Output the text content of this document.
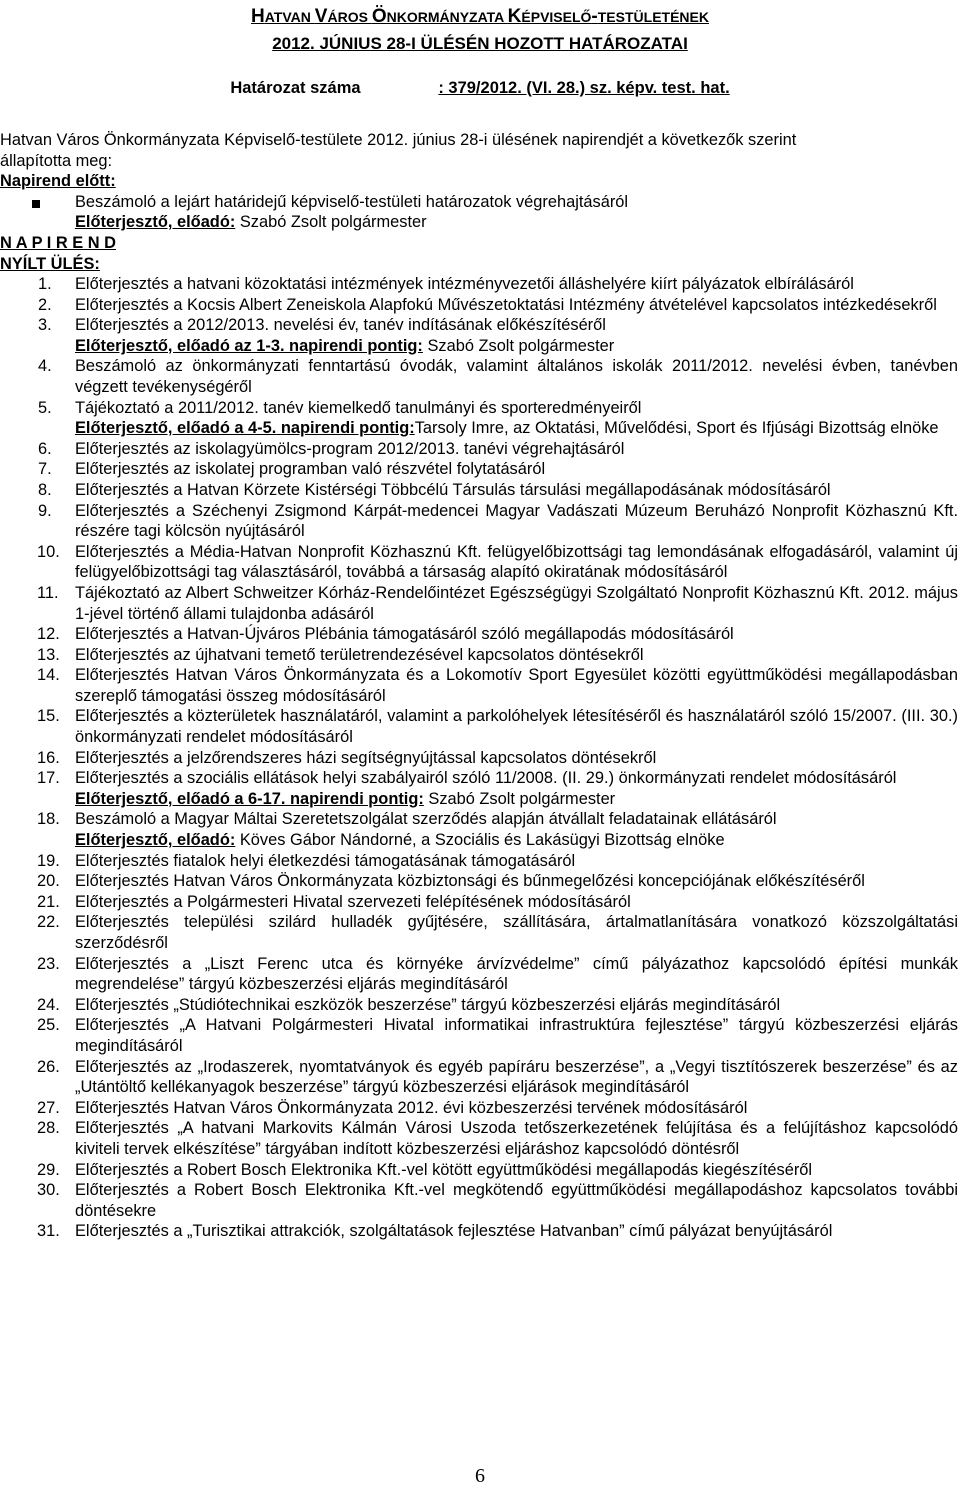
HATVAN VÁROS ÖNKORMÁNYZATA KÉPVISELŐ-TESTÜLETÉNEK
2012. JÚNIUS 28-I ÜLÉSÉN HOZOTT HATÁROZATAI
Határozat száma	: 379/2012. (VI. 28.) sz. képv. test. hat.
Hatvan Város Önkormányzata Képviselő-testülete 2012. június 28-i ülésének napirendjét a következők szerint
állapította meg:
Napirend előtt:
Beszámoló a lejárt határidejű képviselő-testületi határozatok végrehajtásáról
Előterjesztő, előadó: Szabó Zsolt polgármester
N A P I R E N D
NYÍLT ÜLÉS:
1. Előterjesztés a hatvani közoktatási intézmények intézményvezetői álláshelyére kiírt pályázatok elbírálásáról
2. Előterjesztés a Kocsis Albert Zeneiskola Alapfokú Művészetoktatási Intézmény átvételével kapcsolatos intézkedésekről
3. Előterjesztés a 2012/2013. nevelési év, tanév indításának előkészítéséről
Előterjesztő, előadó az 1-3. napirendi pontig: Szabó Zsolt polgármester
4. Beszámoló az önkormányzati fenntartású óvodák, valamint általános iskolák 2011/2012. nevelési évben, tanévben végzett tevékenységéről
5. Tájékoztató a 2011/2012. tanév kiemelkedő tanulmányi és sporteredményeiről
Előterjesztő, előadó a 4-5. napirendi pontig:Tarsoly Imre, az Oktatási, Művelődési, Sport és Ifjúsági Bizottság elnöke
6. Előterjesztés az iskolagyümölcs-program 2012/2013. tanévi végrehajtásáról
7. Előterjesztés az iskolatej programban való részvétel folytatásáról
8. Előterjesztés a Hatvan Körzete Kistérségi Többcélú Társulás társulási megállapodásának módosításáról
9. Előterjesztés a Széchenyi Zsigmond Kárpát-medencei Magyar Vadászati Múzeum Beruházó Nonprofit Közhasznú Kft. részére tagi kölcsön nyújtásáról
10. Előterjesztés a Média-Hatvan Nonprofit Közhasznú Kft. felügyelőbizottsági tag lemondásának elfogadásáról, valamint új felügyelőbizottsági tag választásáról, továbbá a társaság alapító okiratának módosításáról
11. Tájékoztató az Albert Schweitzer Kórház-Rendelőintézet Egészségügyi Szolgáltató Nonprofit Közhasznú Kft. 2012. május 1-jével történő állami tulajdonba adásáról
12. Előterjesztés a Hatvan-Újváros Plébánia támogatásáról szóló megállapodás módosításáról
13. Előterjesztés az újhatvani temető területrendezésével kapcsolatos döntésekről
14. Előterjesztés Hatvan Város Önkormányzata és a Lokomotív Sport Egyesület közötti együttműködési megállapodásban szereplő támogatási összeg módosításáról
15. Előterjesztés a közterületek használatáról, valamint a parkolóhelyek létesítéséről és használatáról szóló 15/2007. (III. 30.) önkormányzati rendelet módosításáról
16. Előterjesztés a jelzőrendszeres házi segítségnyújtással kapcsolatos döntésekről
17. Előterjesztés a szociális ellátások helyi szabályairól szóló 11/2008. (II. 29.) önkormányzati rendelet módosításáról
Előterjesztő, előadó a 6-17. napirendi pontig: Szabó Zsolt polgármester
18. Beszámoló a Magyar Máltai Szeretetszolgálat szerződés alapján átvállalt feladatainak ellátásáról
Előterjesztő, előadó: Köves Gábor Nándorné, a Szociális és Lakásügyi Bizottság elnöke
19. Előterjesztés fiatalok helyi életkezdési támogatásának támogatásáról
20. Előterjesztés Hatvan Város Önkormányzata közbiztonsági és bűnmegelőzési koncepciójának előkészítéséről
21. Előterjesztés a Polgármesteri Hivatal szervezeti felépítésének módosításáról
22. Előterjesztés települési szilárd hulladék gyűjtésére, szállítására, ártalmatlanítására vonatkozó közszolgáltatási szerződésről
23. Előterjesztés a „Liszt Ferenc utca és környéke árvízvédelme” című pályázathoz kapcsolódó építési munkák megrendelése” tárgyú közbeszerzési eljárás megindításáról
24. Előterjesztés „Stúdiótechnikai eszközök beszerzése” tárgyú közbeszerzési eljárás megindításáról
25. Előterjesztés „A Hatvani Polgármesteri Hivatal informatikai infrastruktúra fejlesztése” tárgyú közbeszerzési eljárás megindításáról
26. Előterjesztés az „Irodaszerek, nyomtatványok és egyéb papíráru beszerzése”, a „Vegyi tisztítószerek beszerzése” és az „Utántöltő kellékanyagok beszerzése” tárgyú közbeszerzési eljárások megindításáról
27. Előterjesztés Hatvan Város Önkormányzata 2012. évi közbeszerzési tervének módosításáról
28. Előterjesztés „A hatvani Markovits Kálmán Városi Uszoda tetőszerkezetének felújítása és a felújításhoz kapcsolódó kiviteli tervek elkészítése” tárgyában indított közbeszerzési eljáráshoz kapcsolódó döntésről
29. Előterjesztés a Robert Bosch Elektronika Kft.-vel kötött együttműködési megállapodás kiegészítéséről
30. Előterjesztés a Robert Bosch Elektronika Kft.-vel megkötendő együttműködési megállapodáshoz kapcsolatos további döntésekre
31. Előterjesztés a „Turisztikai attrakciók, szolgáltatások fejlesztése Hatvanban” című pályázat benyújtásáról
6
